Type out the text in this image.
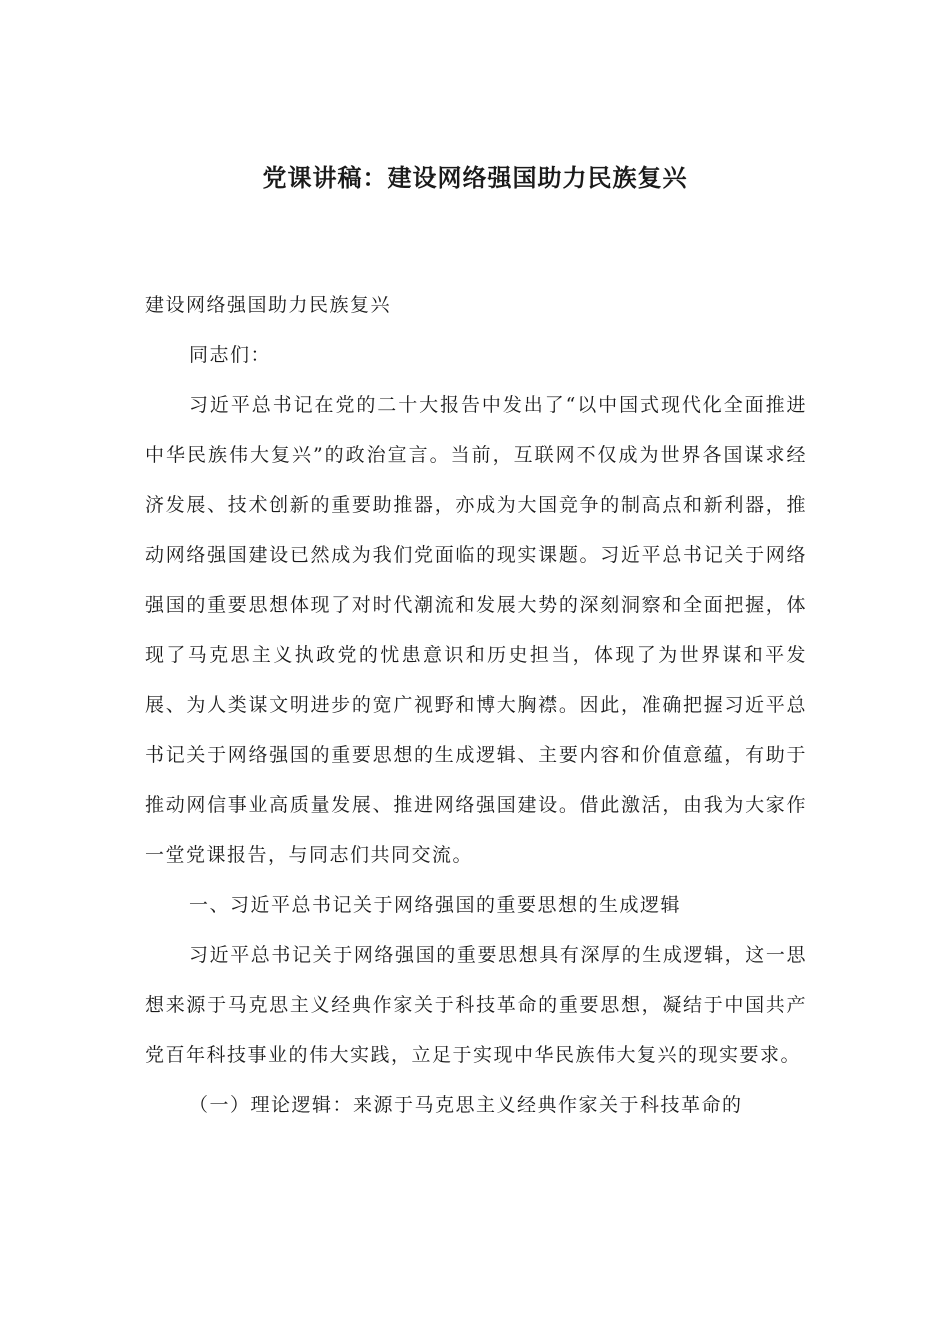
党课讲稿：建设网络强国助力民族复兴

建设网络强国助力民族复兴

同志们：

习近平总书记在党的二十大报告中发出了“以中国式现代化全面推进中华民族伟大复兴”的政治宣言。当前，互联网不仅成为世界各国谋求经济发展、技术创新的重要助推器，亦成为大国竞争的制高点和新利器，推动网络强国建设已然成为我们党面临的现实课题。习近平总书记关于网络强国的重要思想体现了对时代潮流和发展大势的深刻洞察和全面把握，体现了马克思主义执政党的忧患意识和历史担当，体现了为世界谋和平发展、为人类谋文明进步的宽广视野和博大胸襟。因此，准确把握习近平总书记关于网络强国的重要思想的生成逻辑、主要内容和价值意蕴，有助于推动网信事业高质量发展、推进网络强国建设。借此激活，由我为大家作一堂党课报告，与同志们共同交流。

一、习近平总书记关于网络强国的重要思想的生成逻辑

习近平总书记关于网络强国的重要思想具有深厚的生成逻辑，这一思想来源于马克思主义经典作家关于科技革命的重要思想，凝结于中国共产党百年科技事业的伟大实践，立足于实现中华民族伟大复兴的现实要求。

（一）理论逻辑：来源于马克思主义经典作家关于科技革命的
